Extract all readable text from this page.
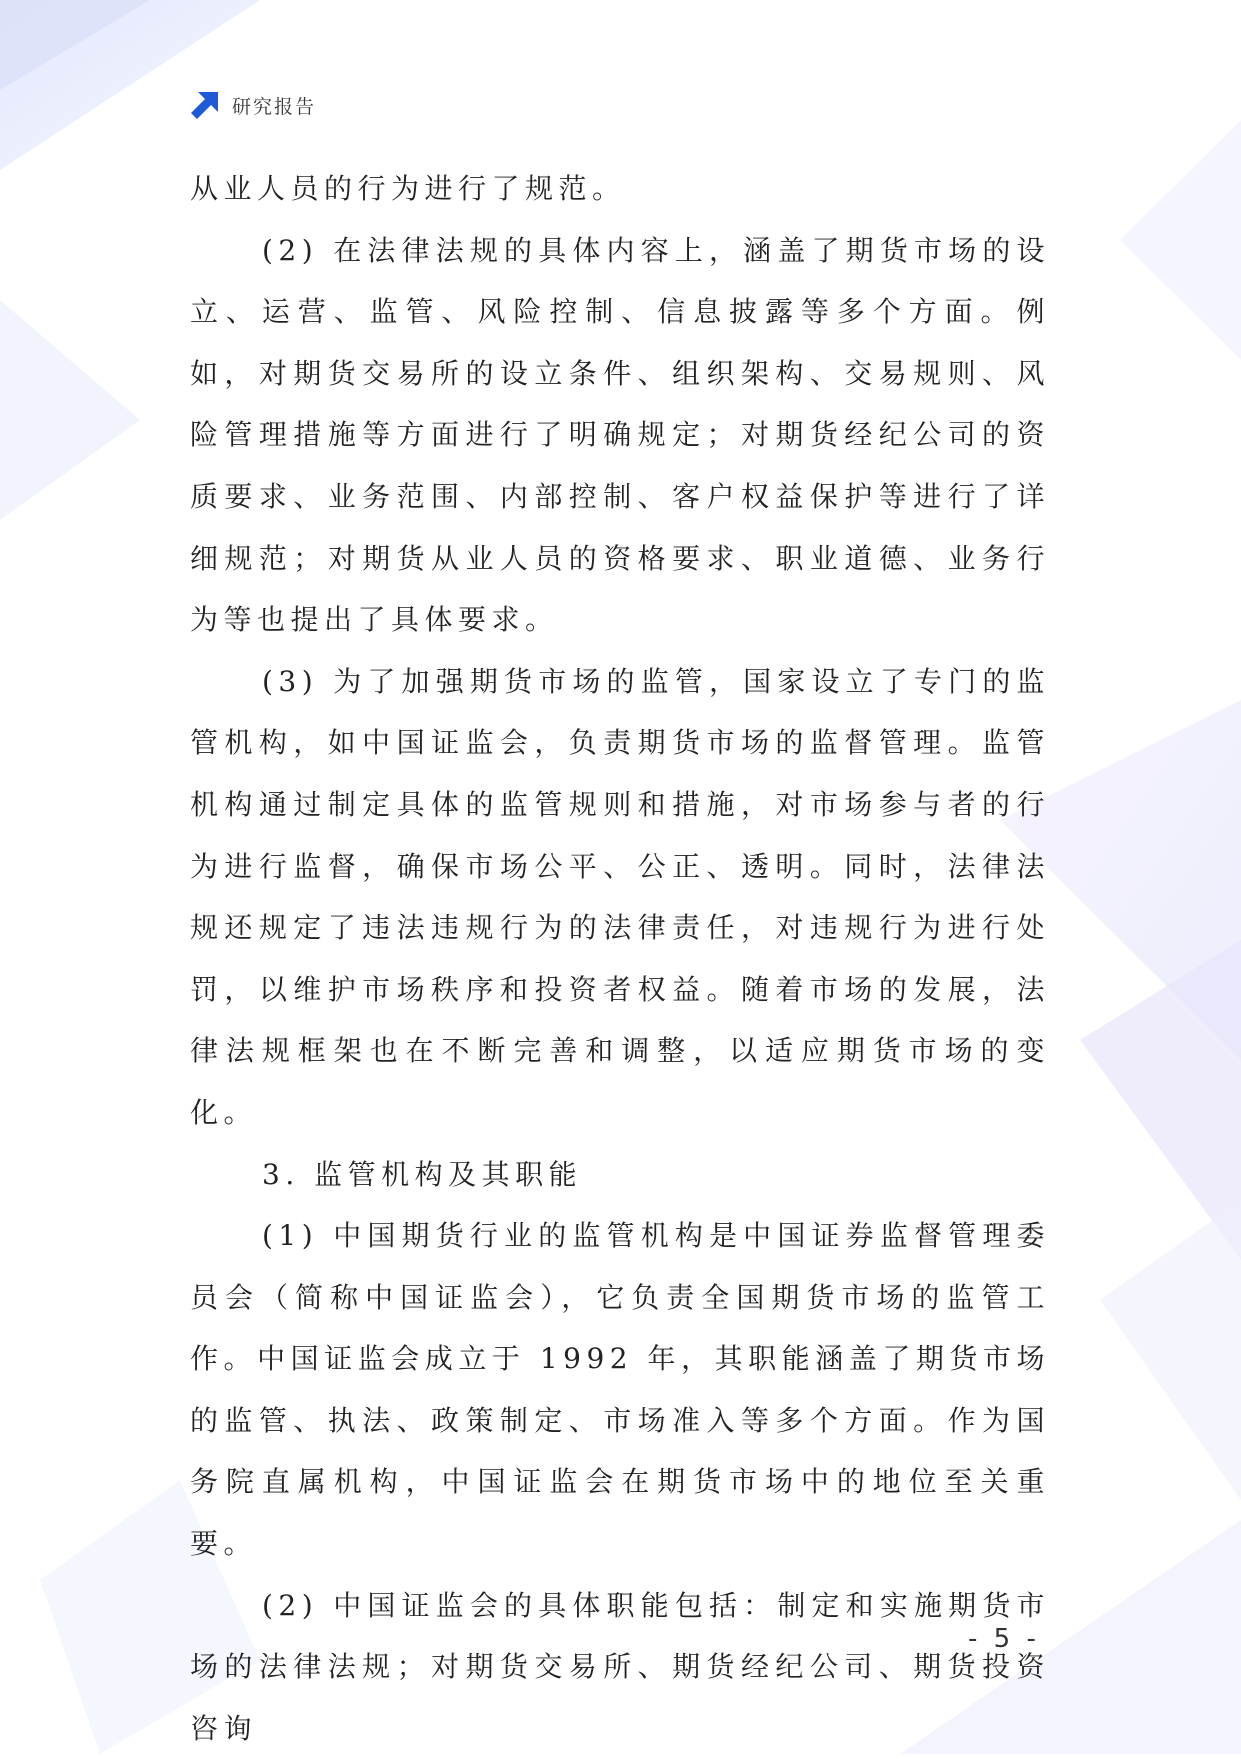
研究报告

从业人员的行为进行了规范。

(2) 在法律法规的具体内容上，涵盖了期货市场的设立、运营、监管、风险控制、信息披露等多个方面。例如，对期货交易所的设立条件、组织架构、交易规则、风险管理措施等方面进行了明确规定；对期货经纪公司的资质要求、业务范围、内部控制、客户权益保护等进行了详细规范；对期货从业人员的资格要求、职业道德、业务行为等也提出了具体要求。

(3) 为了加强期货市场的监管，国家设立了专门的监管机构，如中国证监会，负责期货市场的监督管理。监管机构通过制定具体的监管规则和措施，对市场参与者的行为进行监督，确保市场公平、公正、透明。同时，法律法规还规定了违法违规行为的法律责任，对违规行为进行处罚，以维护市场秩序和投资者权益。随着市场的发展，法律法规框架也在不断完善和调整，以适应期货市场的变化。

3. 监管机构及其职能

(1) 中国期货行业的监管机构是中国证券监督管理委员会（简称中国证监会），它负责全国期货市场的监管工作。中国证监会成立于 1992 年，其职能涵盖了期货市场的监管、执法、政策制定、市场准入等多个方面。作为国务院直属机构，中国证监会在期货市场中的地位至关重要。

(2) 中国证监会的具体职能包括：制定和实施期货市场的法律法规；对期货交易所、期货经纪公司、期货投资咨询

- 5 -
